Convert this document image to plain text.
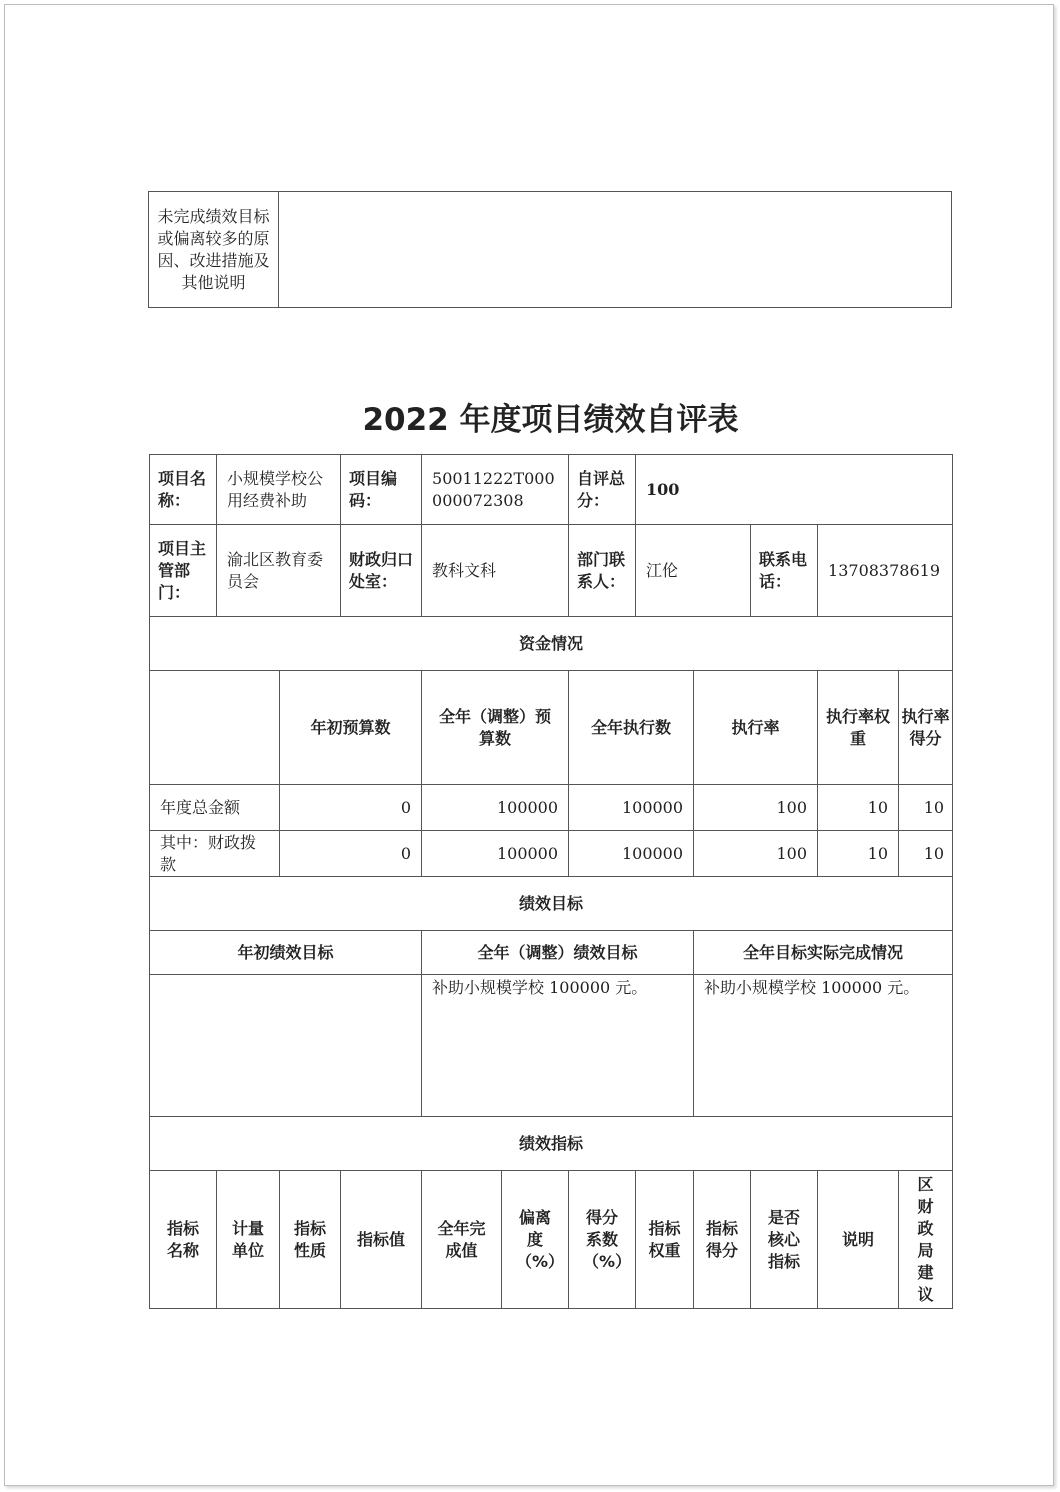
未完成绩效目标或偏离较多的原因、改进措施及其他说明	
2022 年度项目绩效自评表
项目名称：	小规模学校公用经费补助		项目编码：	50011222T000000072308		自评总分：	100				
项目主管部门：	渝北区教育委员会		财政归口处室：	教科文科		部门联系人：	江伦		联系电话：	13708378619	
资金情况											
		年初预算数		全年（调整）预算数		全年执行数		执行率		执行率权重	执行率得分
年度总金额		0		100000		100000		100		10	10
其中：财政拨款		0		100000		100000		100		10	10
绩效目标											
年初绩效目标				全年（调整）绩效目标				全年目标实际完成情况			
				补助小规模学校 100000 元。				补助小规模学校 100000 元。			
绩效指标											
指标名称	计量单位	指标性质	指标值	全年完成值	偏离度（%）	得分系数（%）	指标权重	指标得分	是否核心指标	说明	区财政局建议
